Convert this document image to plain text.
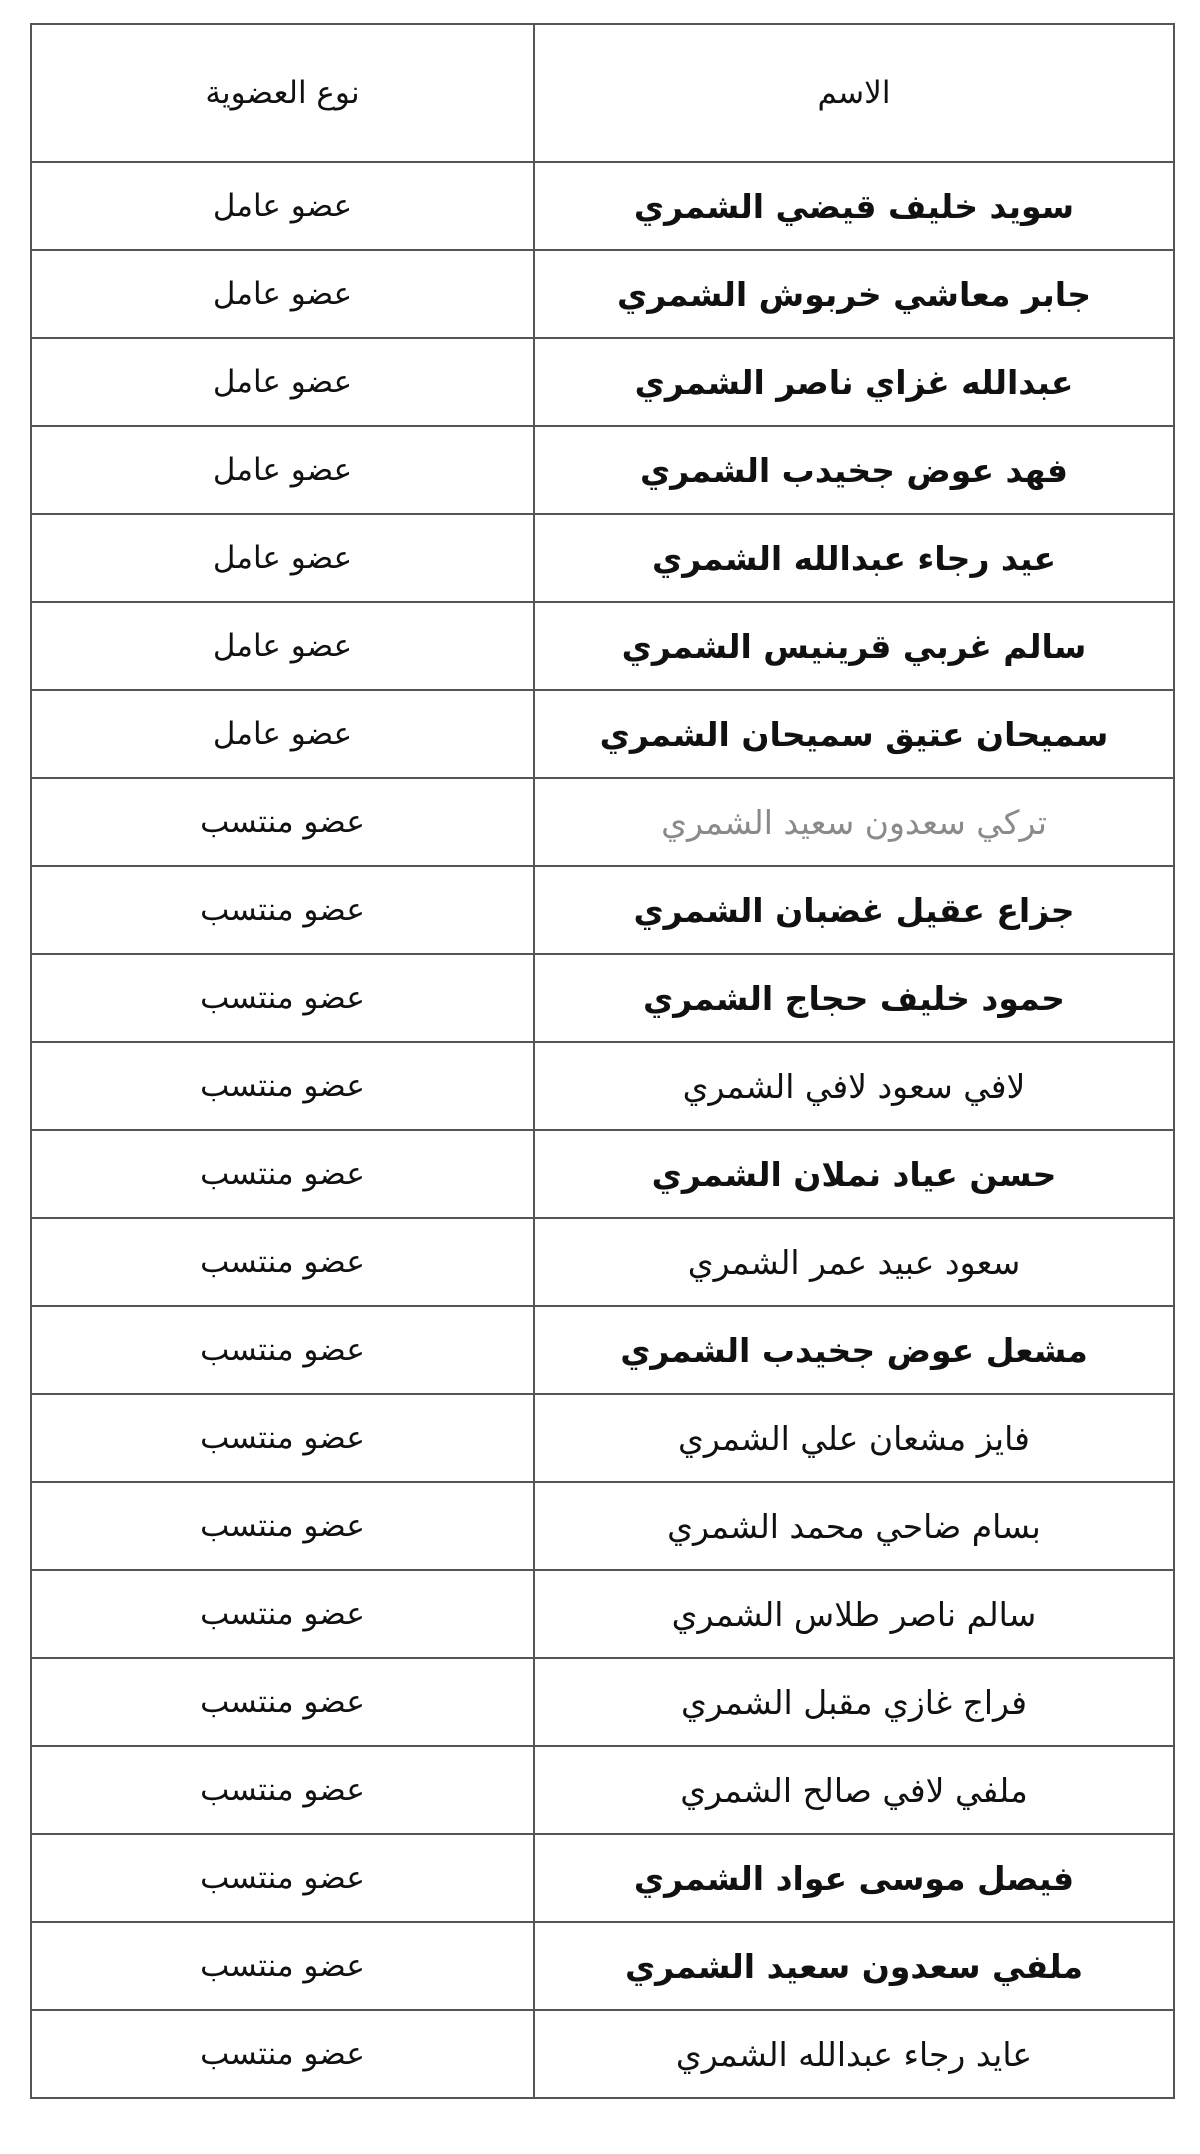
الاسم	نوع العضوية
سويد خليف قيضي الشمري	عضو عامل
جابر معاشي خربوش الشمري	عضو عامل
عبدالله غزاي ناصر الشمري	عضو عامل
فهد عوض جخيدب الشمري	عضو عامل
عيد رجاء عبدالله الشمري	عضو عامل
سالم غربي قرينيس الشمري	عضو عامل
سميحان عتيق سميحان الشمري	عضو عامل
تركي سعدون سعيد الشمري	عضو منتسب
جزاع عقيل غضبان الشمري	عضو منتسب
حمود خليف حجاج الشمري	عضو منتسب
لافي سعود لافي الشمري	عضو منتسب
حسن عياد نملان الشمري	عضو منتسب
سعود عبيد عمر الشمري	عضو منتسب
مشعل عوض جخيدب الشمري	عضو منتسب
فايز مشعان علي الشمري	عضو منتسب
بسام ضاحي محمد الشمري	عضو منتسب
سالم ناصر طلاس الشمري	عضو منتسب
فراج غازي مقبل الشمري	عضو منتسب
ملفي لافي صالح الشمري	عضو منتسب
فيصل موسى عواد الشمري	عضو منتسب
ملفي سعدون سعيد الشمري	عضو منتسب
عايد رجاء عبدالله الشمري	عضو منتسب
